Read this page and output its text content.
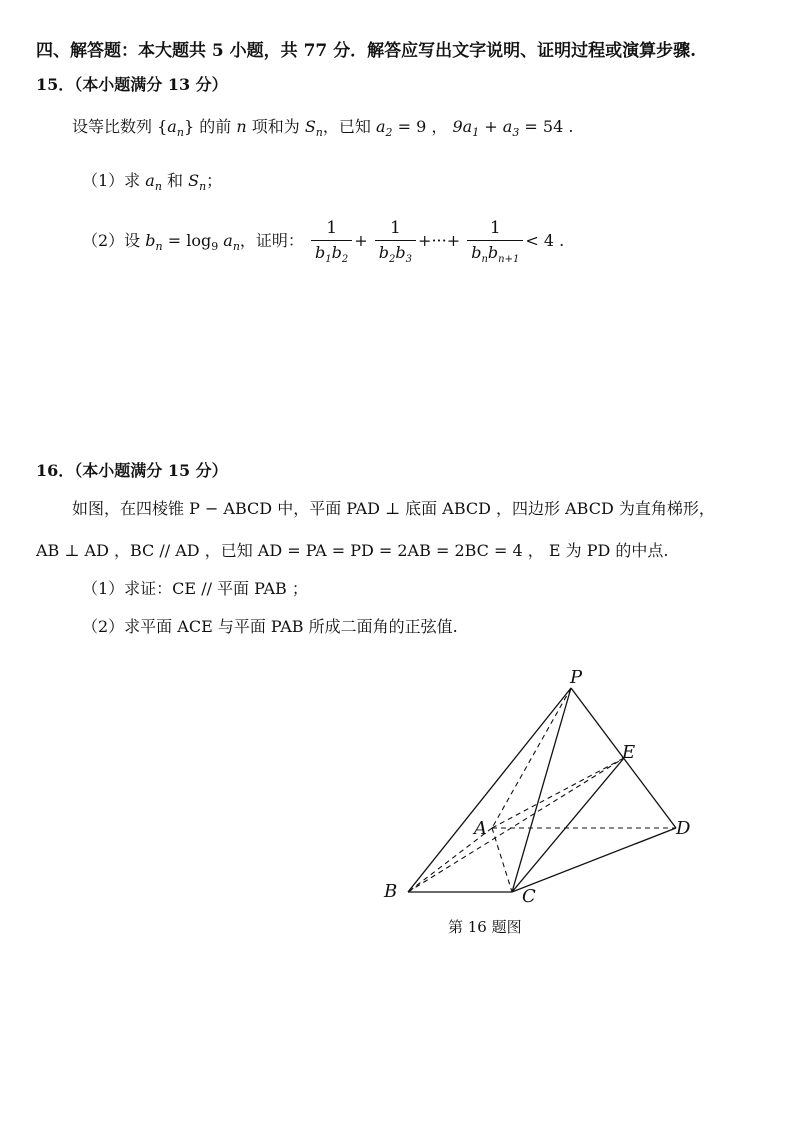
四、解答题：本大题共 5 小题，共 77 分．解答应写出文字说明、证明过程或演算步骤.
15．（本小题满分 13 分）
设等比数列 $\{a_n\}$ 的前 n 项和为 $S_n$，已知 $a_2 = 9$ ， $9a_1 + a_3 = 54$ .
（1）求 $a_n$ 和 $S_n$；
（2）设 $b_n = \log_9 a_n$，证明： $\frac{1}{b_1b_2} + \frac{1}{b_2b_3}$ +···+ $\frac{1}{b_nb_{n+1}} < 4$ .
16．（本小题满分 15 分）
如图，在四棱锥 P − ABCD 中，平面 PAD ⊥ 底面 ABCD ，四边形 ABCD 为直角梯形，
AB ⊥ AD ，BC // AD ，已知 AD = PA = PD = 2AB = 2BC = 4 ， E 为 PD 的中点.
（1）求证：CE // 平面 PAB ；
（2）求平面 ACE 与平面 PAB 所成二面角的正弦值.
P
E
A	D
B	C
第 16 题图
